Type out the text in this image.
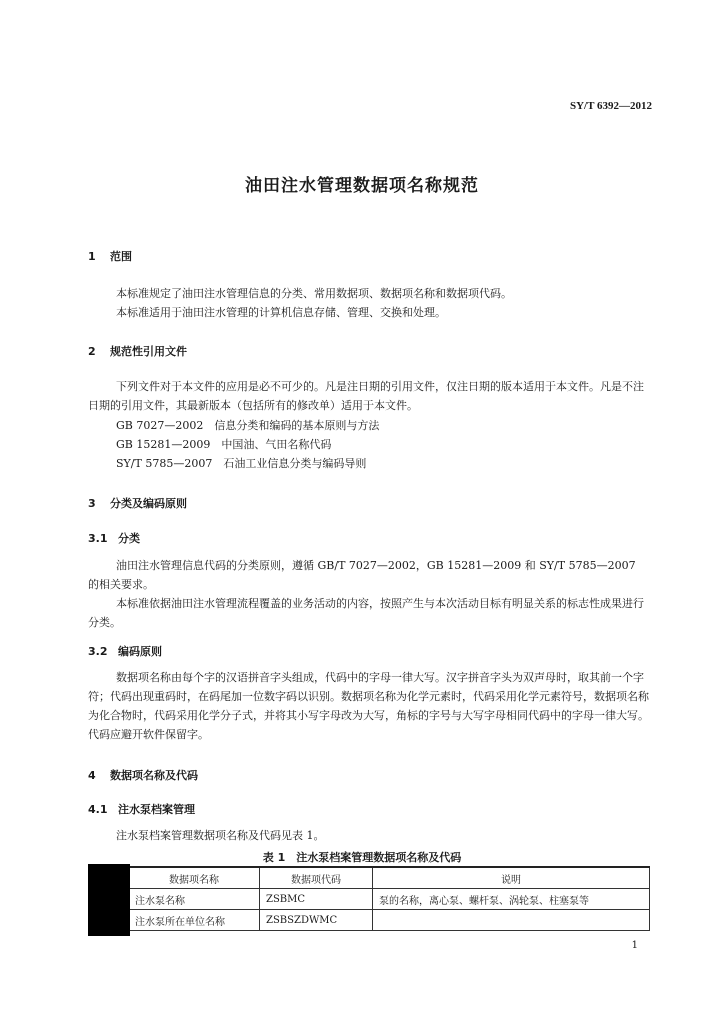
SY/T 6392—2012
油田注水管理数据项名称规范
1 范围
本标准规定了油田注水管理信息的分类、常用数据项、数据项名称和数据项代码。
本标准适用于油田注水管理的计算机信息存储、管理、交换和处理。
2 规范性引用文件
下列文件对于本文件的应用是必不可少的。凡是注日期的引用文件，仅注日期的版本适用于本文件。凡是不注日期的引用文件，其最新版本（包括所有的修改单）适用于本文件。
GB 7027—2002　信息分类和编码的基本原则与方法
GB 15281—2009　中国油、气田名称代码
SY/T 5785—2007　石油工业信息分类与编码导则
3 分类及编码原则
3.1 分类
油田注水管理信息代码的分类原则，遵循 GB/T 7027—2002，GB 15281—2009 和 SY/T 5785—2007 的相关要求。
本标准依据油田注水管理流程覆盖的业务活动的内容，按照产生与本次活动目标有明显关系的标志性成果进行分类。
3.2 编码原则
数据项名称由每个字的汉语拼音字头组成，代码中的字母一律大写。汉字拼音字头为双声母时，取其前一个字符；代码出现重码时，在码尾加一位数字码以识别。数据项名称为化学元素时，代码采用化学元素符号，数据项名称为化合物时，代码采用化学分子式，并将其小写字母改为大写，角标的字号与大写字母相同代码中的字母一律大写。代码应避开软件保留字。
4 数据项名称及代码
4.1 注水泵档案管理
注水泵档案管理数据项名称及代码见表 1。
表 1　注水泵档案管理数据项名称及代码
数据项名称	数据项代码	说明
注水泵名称	ZSBMC	泵的名称，离心泵、螺杆泵、涡轮泵、柱塞泵等
注水泵所在单位名称	ZSBSZDWMC	
1
